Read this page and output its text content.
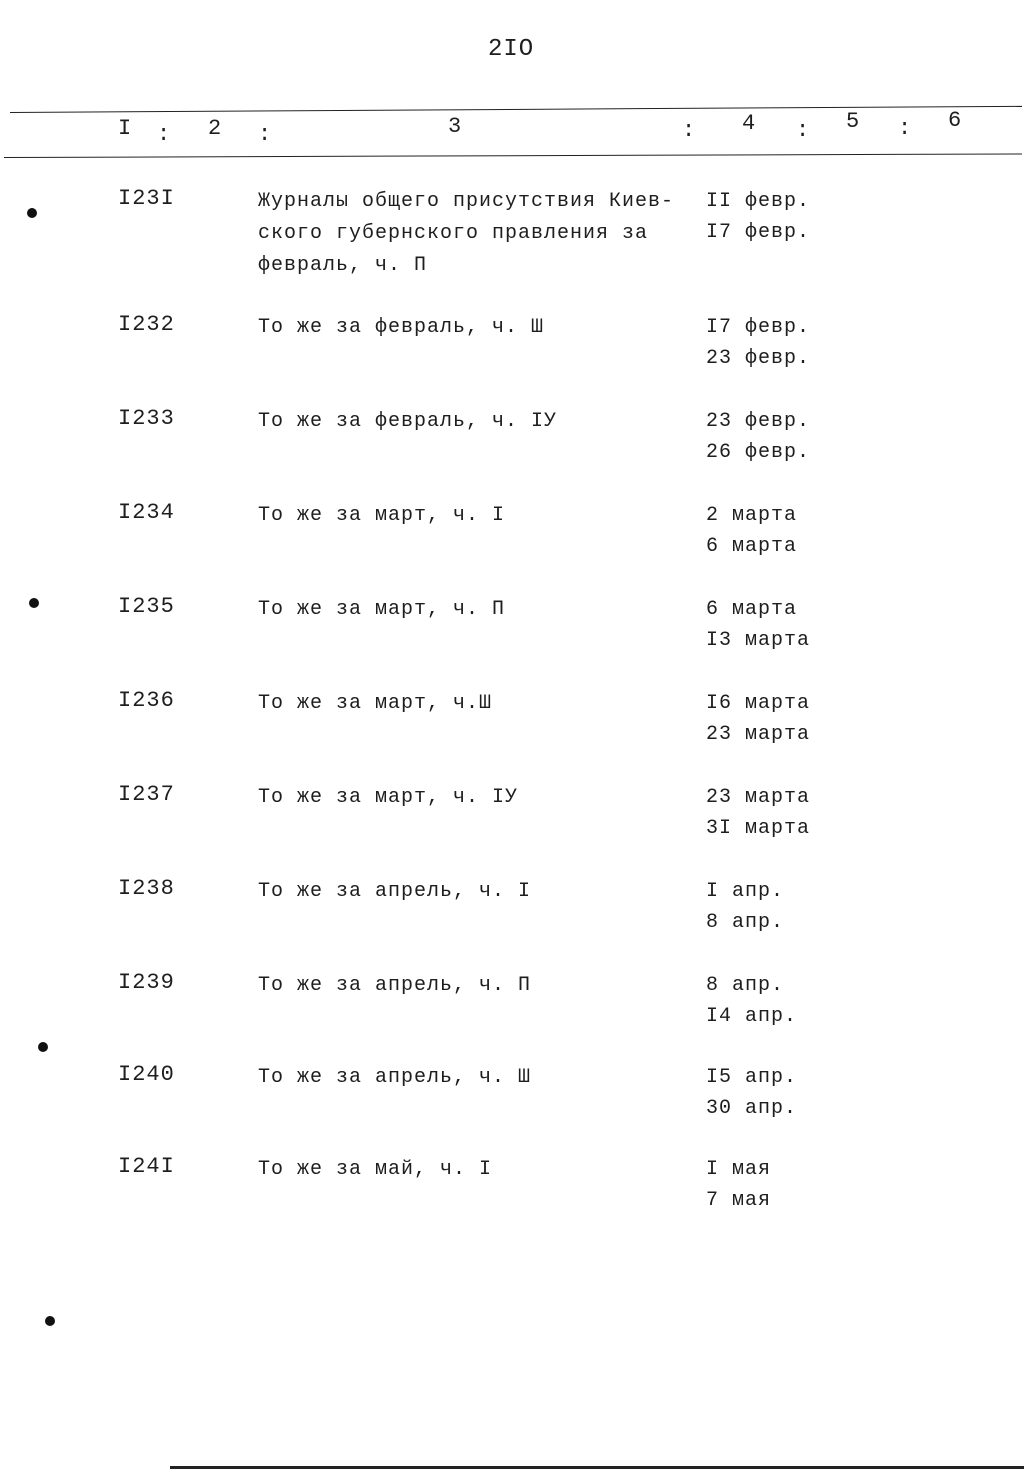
2IO
I : 2 :	3	: 4 : 5 : 6
I23I	Журналы общего присутствия Киев-ского губернского правления за февраль, ч. П
II февр.
I7 февр.
I232	То же за февраль, ч. Ш	I7 февр.
23 февр.
I233	То же за февраль, ч. IУ	23 февр.
26 февр.
I234	То же за март, ч. I	2 марта
6 марта
I235	То же за март, ч. П	6 марта
I3 марта
I236	То же за март, ч.Ш	I6 марта
23 марта
I237	То же за март, ч. IУ	23 марта
3I марта
I238	То же за апрель, ч. I	I апр.
8 апр.
I239	То же за апрель, ч. П	8 апр.
I4 апр.
I240	То же за апрель, ч. Ш	I5 апр.
30 апр.
I24I	То же за май, ч. I	I мая
7 мая
